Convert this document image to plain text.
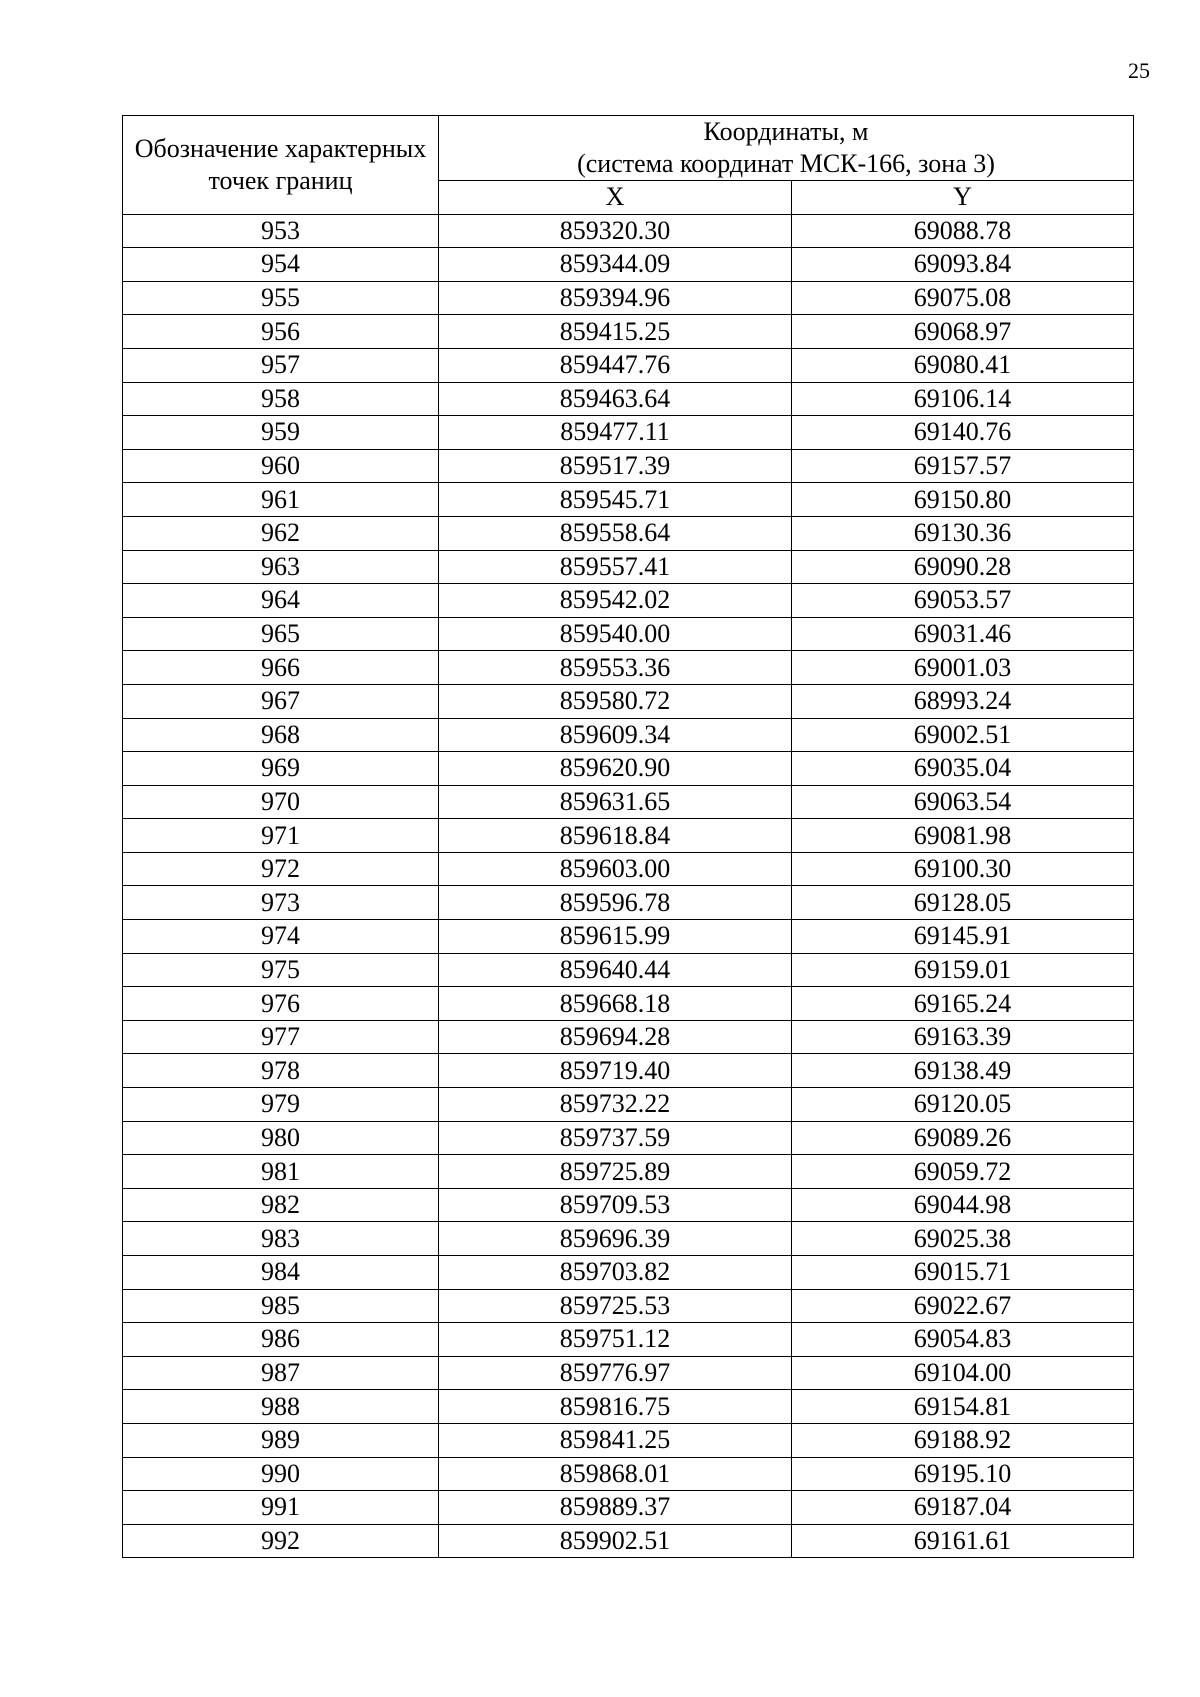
25
Обозначение характерных точек границ	Координаты, м
(система координат МСК-166, зона 3)	

	X	Y
953	859320.30	69088.78
954	859344.09	69093.84
955	859394.96	69075.08
956	859415.25	69068.97
957	859447.76	69080.41
958	859463.64	69106.14
959	859477.11	69140.76
960	859517.39	69157.57
961	859545.71	69150.80
962	859558.64	69130.36
963	859557.41	69090.28
964	859542.02	69053.57
965	859540.00	69031.46
966	859553.36	69001.03
967	859580.72	68993.24
968	859609.34	69002.51
969	859620.90	69035.04
970	859631.65	69063.54
971	859618.84	69081.98
972	859603.00	69100.30
973	859596.78	69128.05
974	859615.99	69145.91
975	859640.44	69159.01
976	859668.18	69165.24
977	859694.28	69163.39
978	859719.40	69138.49
979	859732.22	69120.05
980	859737.59	69089.26
981	859725.89	69059.72
982	859709.53	69044.98
983	859696.39	69025.38
984	859703.82	69015.71
985	859725.53	69022.67
986	859751.12	69054.83
987	859776.97	69104.00
988	859816.75	69154.81
989	859841.25	69188.92
990	859868.01	69195.10
991	859889.37	69187.04
992	859902.51	69161.61
